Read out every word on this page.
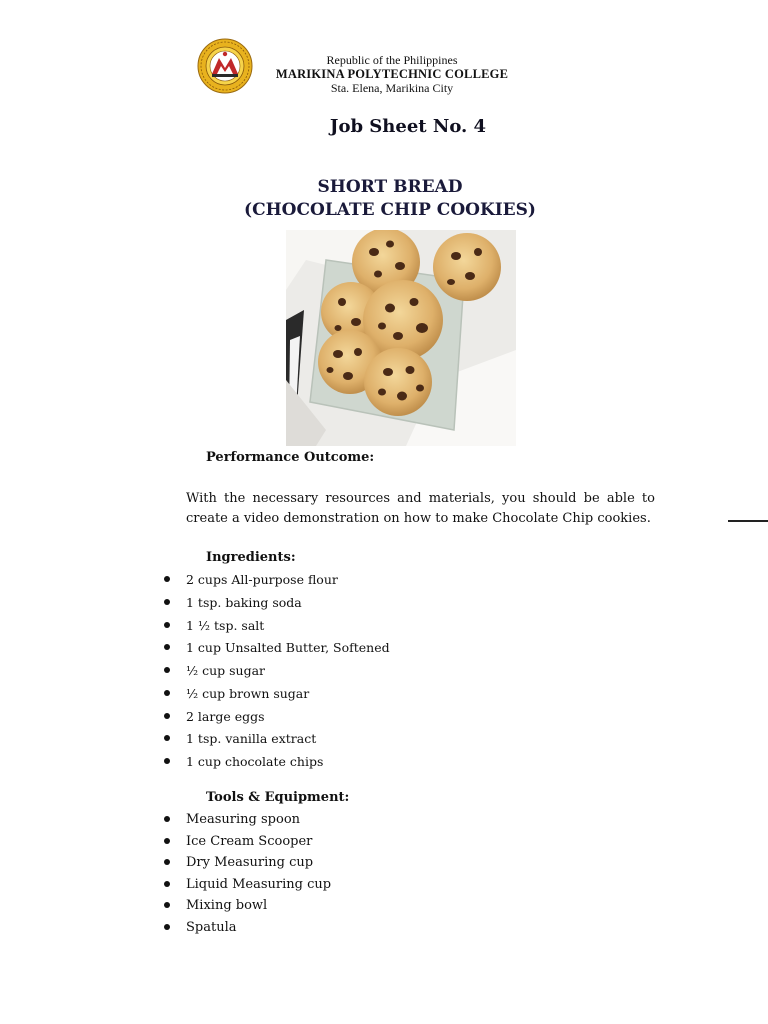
Republic of the Philippines
MARIKINA POLYTECHNIC COLLEGE
Sta. Elena, Marikina City
Job Sheet No. 4
SHORT BREAD
(CHOCOLATE CHIP COOKIES)
Performance Outcome:
With the necessary resources and materials, you should be able to
create a video demonstration on how to make Chocolate Chip cookies.
Ingredients:
2 cups All-purpose flour
1 tsp. baking soda
1 ½ tsp. salt
1 cup Unsalted Butter, Softened
½ cup sugar
½ cup brown sugar
2 large eggs
1 tsp. vanilla extract
1 cup chocolate chips
Tools & Equipment:
Measuring spoon
Ice Cream Scooper
Dry Measuring cup
Liquid Measuring cup
Mixing bowl
Spatula
